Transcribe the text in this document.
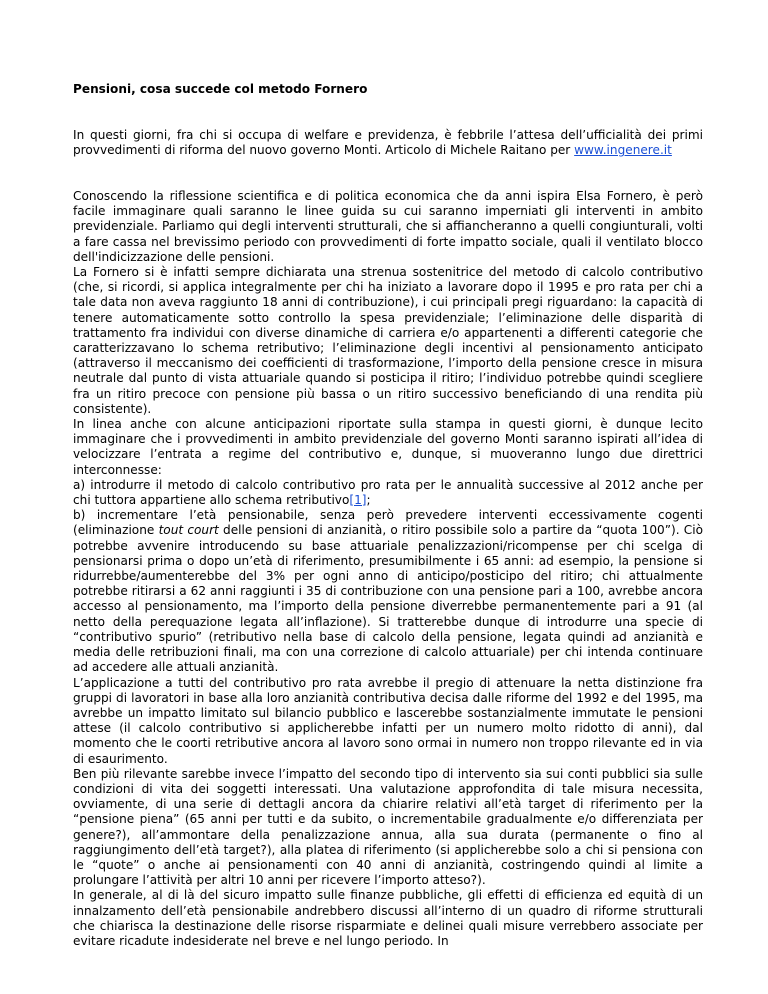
Pensioni, cosa succede col metodo Fornero
In questi giorni, fra chi si occupa di welfare e previdenza, è febbrile l’attesa dell’ufficialità dei primi provvedimenti di riforma del nuovo governo Monti. Articolo di Michele Raitano per www.ingenere.it

Conoscendo la riflessione scientifica e di politica economica che da anni ispira Elsa Fornero, è però facile immaginare quali saranno le linee guida su cui saranno imperniati gli interventi in ambito previdenziale. Parliamo qui degli interventi strutturali, che si affiancheranno a quelli congiunturali, volti a fare cassa nel brevissimo periodo con provvedimenti di forte impatto sociale, quali il ventilato blocco dell'indicizzazione delle pensioni.

La Fornero si è infatti sempre dichiarata una strenua sostenitrice del metodo di calcolo contributivo (che, si ricordi, si applica integralmente per chi ha iniziato a lavorare dopo il 1995 e pro rata per chi a tale data non aveva raggiunto 18 anni di contribuzione), i cui principali pregi riguardano: la capacità di tenere automaticamente sotto controllo la spesa previdenziale; l’eliminazione delle disparità di trattamento fra individui con diverse dinamiche di carriera e/o appartenenti a differenti categorie che caratterizzavano lo schema retributivo; l’eliminazione degli incentivi al pensionamento anticipato (attraverso il meccanismo dei coefficienti di trasformazione, l’importo della pensione cresce in misura neutrale dal punto di vista attuariale quando si posticipa il ritiro; l’individuo potrebbe quindi scegliere fra un ritiro precoce con pensione più bassa o un ritiro successivo beneficiando di una rendita più consistente).

In linea anche con alcune anticipazioni riportate sulla stampa in questi giorni, è dunque lecito immaginare che i provvedimenti in ambito previdenziale del governo Monti saranno ispirati all’idea di velocizzare l’entrata a regime del contributivo e, dunque, si muoveranno lungo due direttrici interconnesse:

a) introdurre il metodo di calcolo contributivo pro rata per le annualità successive al 2012 anche per chi tuttora appartiene allo schema retributivo[1];

b) incrementare l’età pensionabile, senza però prevedere interventi eccessivamente cogenti (eliminazione tout court delle pensioni di anzianità, o ritiro possibile solo a partire da “quota 100”). Ciò potrebbe avvenire introducendo su base attuariale penalizzazioni/ricompense per chi scelga di pensionarsi prima o dopo un’età di riferimento, presumibilmente i 65 anni: ad esempio, la pensione si ridurrebbe/aumenterebbe del 3% per ogni anno di anticipo/posticipo del ritiro; chi attualmente potrebbe ritirarsi a 62 anni raggiunti i 35 di contribuzione con una pensione pari a 100, avrebbe ancora accesso al pensionamento, ma l’importo della pensione diverrebbe permanentemente pari a 91 (al netto della perequazione legata all’inflazione). Si tratterebbe dunque di introdurre una specie di “contributivo spurio” (retributivo nella base di calcolo della pensione, legata quindi ad anzianità e media delle retribuzioni finali, ma con una correzione di calcolo attuariale) per chi intenda continuare ad accedere alle attuali anzianità.

L’applicazione a tutti del contributivo pro rata avrebbe il pregio di attenuare la netta distinzione fra gruppi di lavoratori in base alla loro anzianità contributiva decisa dalle riforme del 1992 e del 1995, ma avrebbe un impatto limitato sul bilancio pubblico e lascerebbe sostanzialmente immutate le pensioni attese (il calcolo contributivo si applicherebbe infatti per un numero molto ridotto di anni), dal momento che le coorti retributive ancora al lavoro sono ormai in numero non troppo rilevante ed in via di esaurimento.

Ben più rilevante sarebbe invece l’impatto del secondo tipo di intervento sia sui conti pubblici sia sulle condizioni di vita dei soggetti interessati. Una valutazione approfondita di tale misura necessita, ovviamente, di una serie di dettagli ancora da chiarire relativi all’età target di riferimento per la “pensione piena” (65 anni per tutti e da subito, o incrementabile gradualmente e/o differenziata per genere?), all’ammontare della penalizzazione annua, alla sua durata (permanente o fino al raggiungimento dell’età target?), alla platea di riferimento (si applicherebbe solo a chi si pensiona con le “quote” o anche ai pensionamenti con 40 anni di anzianità, costringendo quindi al limite a prolungare l’attività per altri 10 anni per ricevere l’importo atteso?).

In generale, al di là del sicuro impatto sulle finanze pubbliche, gli effetti di efficienza ed equità di un innalzamento dell’età pensionabile andrebbero discussi all’interno di un quadro di riforme strutturali che chiarisca la destinazione delle risorse risparmiate e delinei quali misure verrebbero associate per evitare ricadute indesiderate nel breve e nel lungo periodo. In
